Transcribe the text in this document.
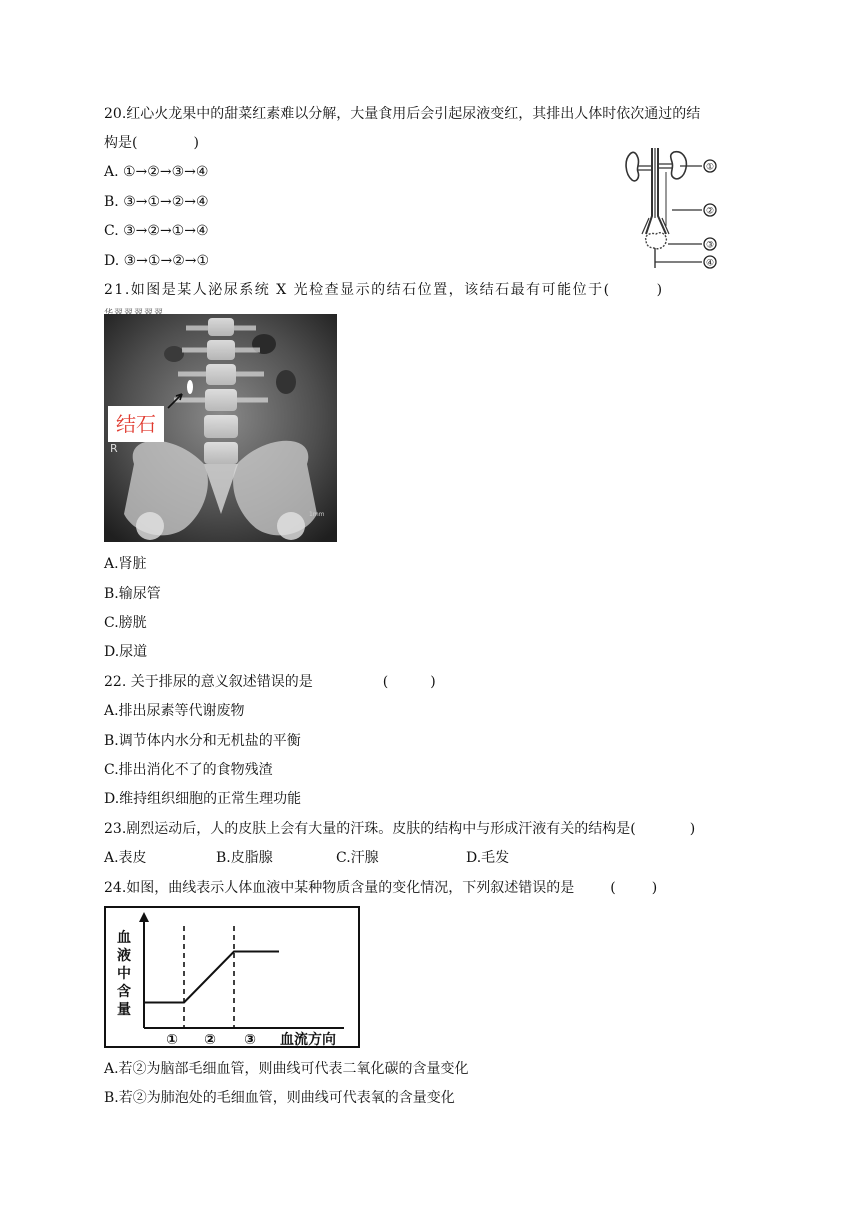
20.红心火龙果中的甜菜红素难以分解，大量食用后会引起尿液变红，其排出人体时依次通过的结
构是(	)
A. ①→②→③→④
B. ③→①→②→④
C. ③→②→①→④
D. ③→①→②→①
①
②
③
④
21.如图是某人泌尿系统 X 光检查显示的结石位置，该结石最有可能位于(	)
结石
R
1mm
A.肾脏
B.输尿管
C.膀胱
D.尿道
22. 关于排尿的意义叙述错误的是	(	)
A.排出尿素等代谢废物
B.调节体内水分和无机盐的平衡
C.排出消化不了的食物残渣
D.维持组织细胞的正常生理功能
23.剧烈运动后，人的皮肤上会有大量的汗珠。皮肤的结构中与形成汗液有关的结构是(	)
A.表皮	B.皮脂腺	C.汗腺	D.毛发
24.如图，曲线表示人体血液中某种物质含量的变化情况，下列叙述错误的是	(	)
血
液
中
含
量
① ② ③ 血流方向
A.若②为脑部毛细血管，则曲线可代表二氧化碳的含量变化
B.若②为肺泡处的毛细血管，则曲线可代表氧的含量变化
